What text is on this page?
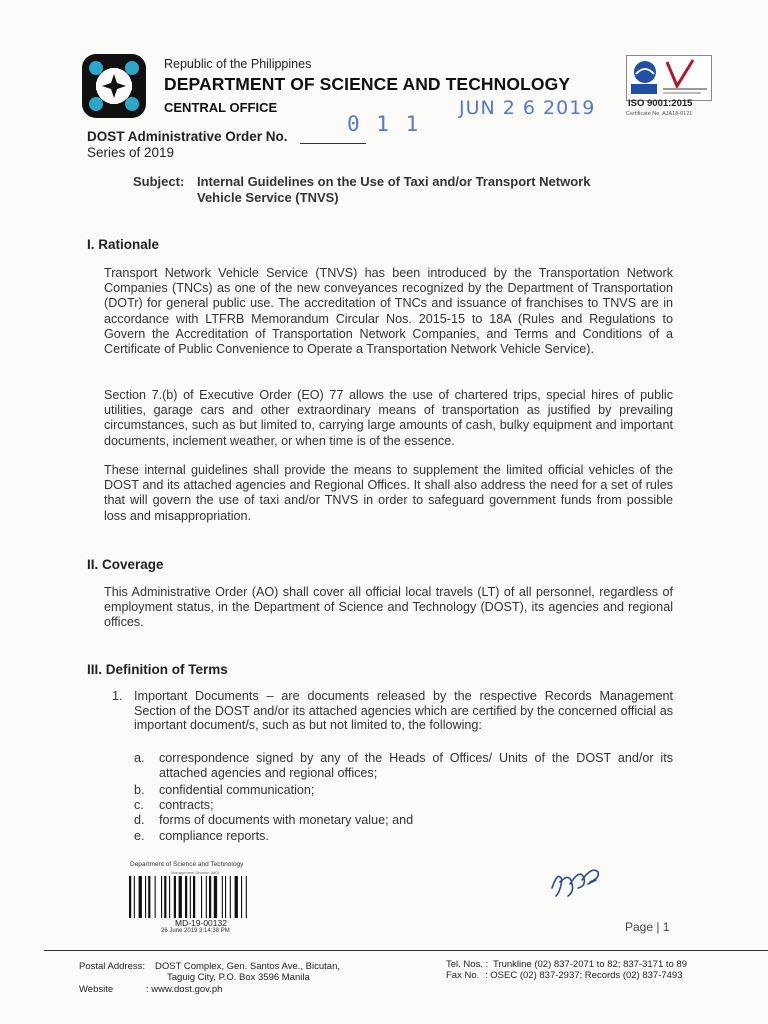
Republic of the Philippines
DEPARTMENT OF SCIENCE AND TECHNOLOGY
CENTRAL OFFICE	ISO 9001:2015
Certificate No. AJA18-0121
JUN 2 6 2019
0 1 1
DOST Administrative Order No.
Series of 2019
Subject: Internal Guidelines on the Use of Taxi and/or Transport Network Vehicle Service (TNVS)
I. Rationale
Transport Network Vehicle Service (TNVS) has been introduced by the Transportation Network Companies (TNCs) as one of the new conveyances recognized by the Department of Transportation (DOTr) for general public use. The accreditation of TNCs and issuance of franchises to TNVS are in accordance with LTFRB Memorandum Circular Nos. 2015-15 to 18A (Rules and Regulations to Govern the Accreditation of Transportation Network Companies, and Terms and Conditions of a Certificate of Public Convenience to Operate a Transportation Network Vehicle Service).
Section 7.(b) of Executive Order (EO) 77 allows the use of chartered trips, special hires of public utilities, garage cars and other extraordinary means of transportation as justified by prevailing circumstances, such as but limited to, carrying large amounts of cash, bulky equipment and important documents, inclement weather, or when time is of the essence.
These internal guidelines shall provide the means to supplement the limited official vehicles of the DOST and its attached agencies and Regional Offices. It shall also address the need for a set of rules that will govern the use of taxi and/or TNVS in order to safeguard government funds from possible loss and misappropriation.
II. Coverage
This Administrative Order (AO) shall cover all official local travels (LT) of all personnel, regardless of employment status, in the Department of Science and Technology (DOST), its agencies and regional offices.
III. Definition of Terms
1. Important Documents – are documents released by the respective Records Management Section of the DOST and/or its attached agencies which are certified by the concerned official as important document/s, such as but not limited to, the following:
a. correspondence signed by any of the Heads of Offices/ Units of the DOST and/or its attached agencies and regional offices;
b. confidential communication;
c. contracts;
d. forms of documents with monetary value; and
e. compliance reports.
Department of Science and Technology
Management Division (MD)
MD-19-00132
26 June 2019 3:14:38 PM	Page | 1
Postal Address: DOST Complex, Gen. Santos Ave., Bicutan,
Taguig City, P.O. Box 3596 Manila
Website	: www.dost.gov.ph
Tel. Nos. : Trunkline (02) 837-2071 to 82; 837-3171 to 89
Fax No. : OSEC (02) 837-2937; Records (02) 837-7493
